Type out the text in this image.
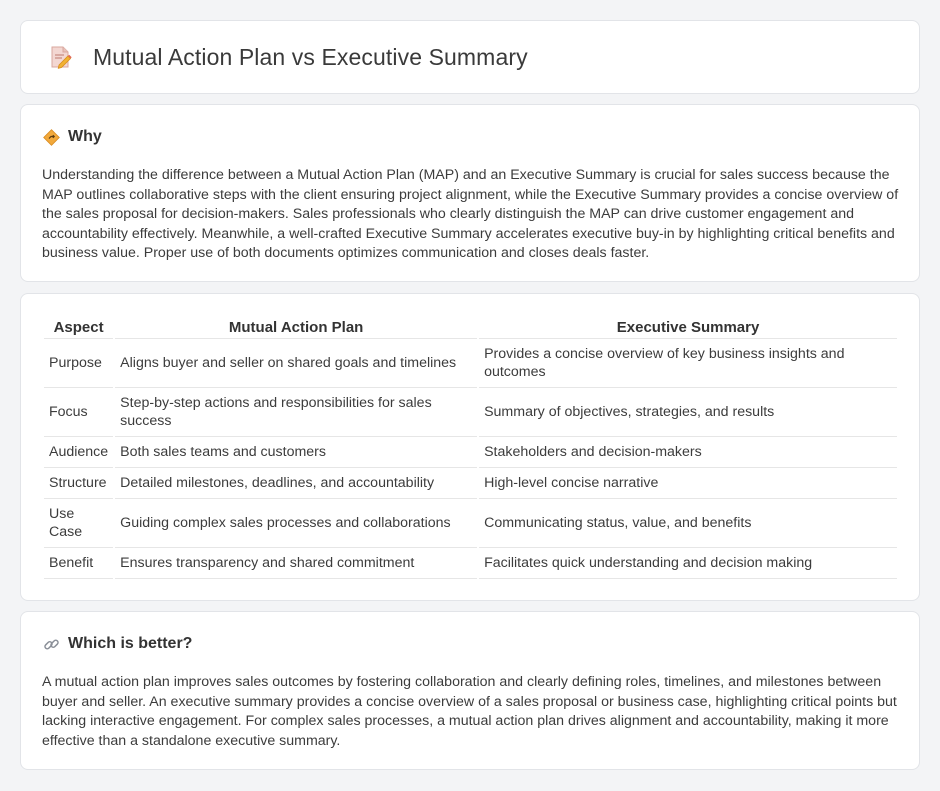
Mutual Action Plan vs Executive Summary
Why

Understanding the difference between a Mutual Action Plan (MAP) and an Executive Summary is crucial for sales success because the MAP outlines collaborative steps with the client ensuring project alignment, while the Executive Summary provides a concise overview of the sales proposal for decision-makers. Sales professionals who clearly distinguish the MAP can drive customer engagement and accountability effectively. Meanwhile, a well-crafted Executive Summary accelerates executive buy-in by highlighting critical benefits and business value. Proper use of both documents optimizes communication and closes deals faster.

Aspect	Mutual Action Plan	Executive Summary
Purpose	Aligns buyer and seller on shared goals and timelines	Provides a concise overview of key business insights and outcomes
Focus	Step-by-step actions and responsibilities for sales success	Summary of objectives, strategies, and results
Audience	Both sales teams and customers	Stakeholders and decision-makers
Structure	Detailed milestones, deadlines, and accountability	High-level concise narrative
Use Case	Guiding complex sales processes and collaborations	Communicating status, value, and benefits
Benefit	Ensures transparency and shared commitment	Facilitates quick understanding and decision making
Which is better?

A mutual action plan improves sales outcomes by fostering collaboration and clearly defining roles, timelines, and milestones between buyer and seller. An executive summary provides a concise overview of a sales proposal or business case, highlighting critical points but lacking interactive engagement. For complex sales processes, a mutual action plan drives alignment and accountability, making it more effective than a standalone executive summary.
